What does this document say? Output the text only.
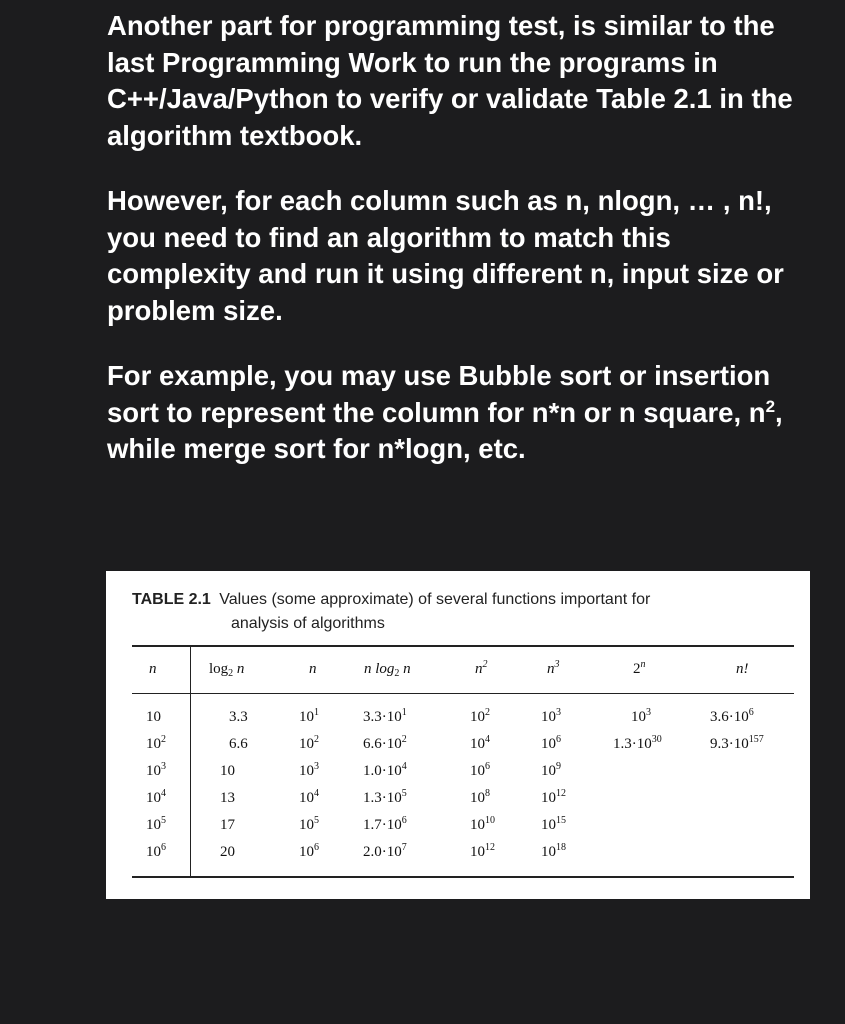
Another part for programming test, is similar to the last Programming Work to run the programs in C++/Java/Python to verify or validate Table 2.1 in the algorithm textbook.

However, for each column such as n, nlogn, … , n!, you need to find an algorithm to match this complexity and run it using different n, input size or problem size.

For example, you may use Bubble sort or insertion sort to represent the column for n*n or n square, $n^2$, while merge sort for n*logn, etc.

TABLE 2.1 Values (some approximate) of several functions important for
analysis of algorithms
n	$\log_2 n$	n	n $\log_2 n$	$n^2$	$n^3$	2$^n$	n!
10	3.3	$10^1$	$3.3\cdot 10^1$	$10^2$	$10^3$	$10^3$	$3.6\cdot 10^6$
$10^2$	6.6	$10^2$	$6.6\cdot 10^2$	$10^4$	$10^6$	$1.3\cdot 10^{30}$	$9.3\cdot 10^{157}$
$10^3$	10	$10^3$	$1.0\cdot 10^4$	$10^6$	$10^9$
$10^4$	13	$10^4$	$1.3\cdot 10^5$	$10^8$	$10^{12}$
$10^5$	17	$10^5$	$1.7\cdot 10^6$	$10^{10}$	$10^{15}$
$10^6$	20	$10^6$	$2.0\cdot 10^7$	$10^{12}$	$10^{18}$
